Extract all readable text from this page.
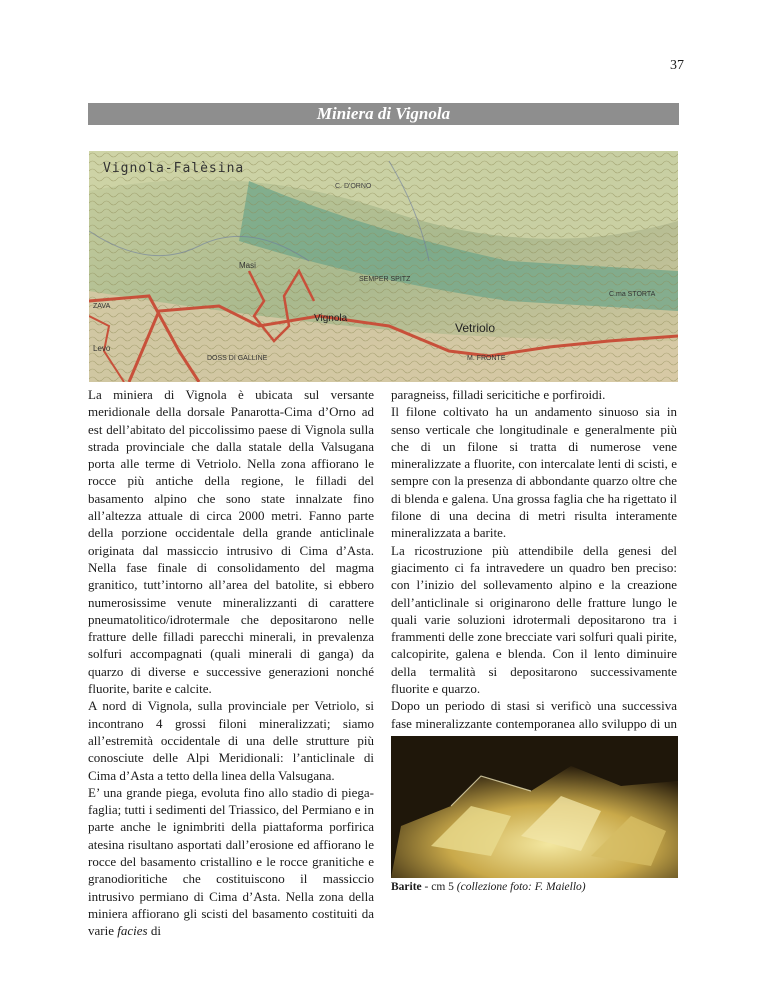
37
Miniera di Vignola
Vignola-Falèsina
C. D'ORNO
Masi
SEMPER SPITZ
C.ma STORTA
Vignola
Vetriolo
M. FRONTE
DOSS DI GALLINE
ZAVA
Levo

La miniera di Vignola è ubicata sul versante meridionale della dorsale Panarotta-Cima d’Orno ad est dell’abitato del piccolissimo paese di Vignola sulla strada provinciale che dalla statale della Valsugana porta alle terme di Vetriolo. Nella zona affiorano le rocce più antiche della regione, le filladi del basamento alpino che sono state innalzate fino all’altezza attuale di circa 2000 metri. Fanno parte della porzione occidentale della grande anticlinale originata dal massiccio intrusivo di Cima d’Asta. Nella fase finale di consolidamento del magma granitico, tutt’intorno all’area del batolite, si ebbero numerosissime venute mineralizzanti di carattere pneumatolitico/idrotermale che depositarono nelle fratture delle filladi parecchi minerali, in prevalenza solfuri accompagnati (quali minerali di ganga) da quarzo di diverse e successive generazioni nonché fluorite, barite e calcite.

A nord di Vignola, sulla provinciale per Vetriolo, si incontrano 4 grossi filoni mineralizzati; siamo all’estremità occidentale di una delle strutture più conosciute delle Alpi Meridionali: l’anticlinale di Cima d’Asta a tetto della linea della Valsugana.

E’ una grande piega, evoluta fino allo stadio di piega-faglia; tutti i sedimenti del Triassico, del Permiano e in parte anche le ignimbriti della piattaforma porfirica atesina risultano asportati dall’erosione ed affiorano le rocce del basamento cristallino e le rocce granitiche e granodioritiche che costituiscono il massiccio intrusivo permiano di Cima d’Asta. Nella zona della miniera affiorano gli scisti del basamento costituiti da varie facies di

paragneiss, filladi sericitiche e porfiroidi.

Il filone coltivato ha un andamento sinuoso sia in senso verticale che longitudinale e generalmente più che di un filone si tratta di numerose vene mineralizzate a fluorite, con intercalate lenti di scisti, e sempre con la presenza di abbondante quarzo oltre che di blenda e galena. Una grossa faglia che ha rigettato il filone di una decina di metri risulta interamente mineralizzata a barite.

La ricostruzione più attendibile della genesi del giacimento ci fa intravedere un quadro ben preciso: con l’inizio del sollevamento alpino e la creazione dell’anticlinale si originarono delle fratture lungo le quali varie soluzioni idrotermali depositarono tra i frammenti delle zone brecciate vari solfuri quali pirite, calcopirite, galena e blenda. Con il lento diminuire della termalità si depositarono successivamente fluorite e quarzo.

Dopo un periodo di stasi si verificò una successiva fase mineralizzante contemporanea allo sviluppo di un

Barite - cm 5 (collezione foto: F. Maiello)
